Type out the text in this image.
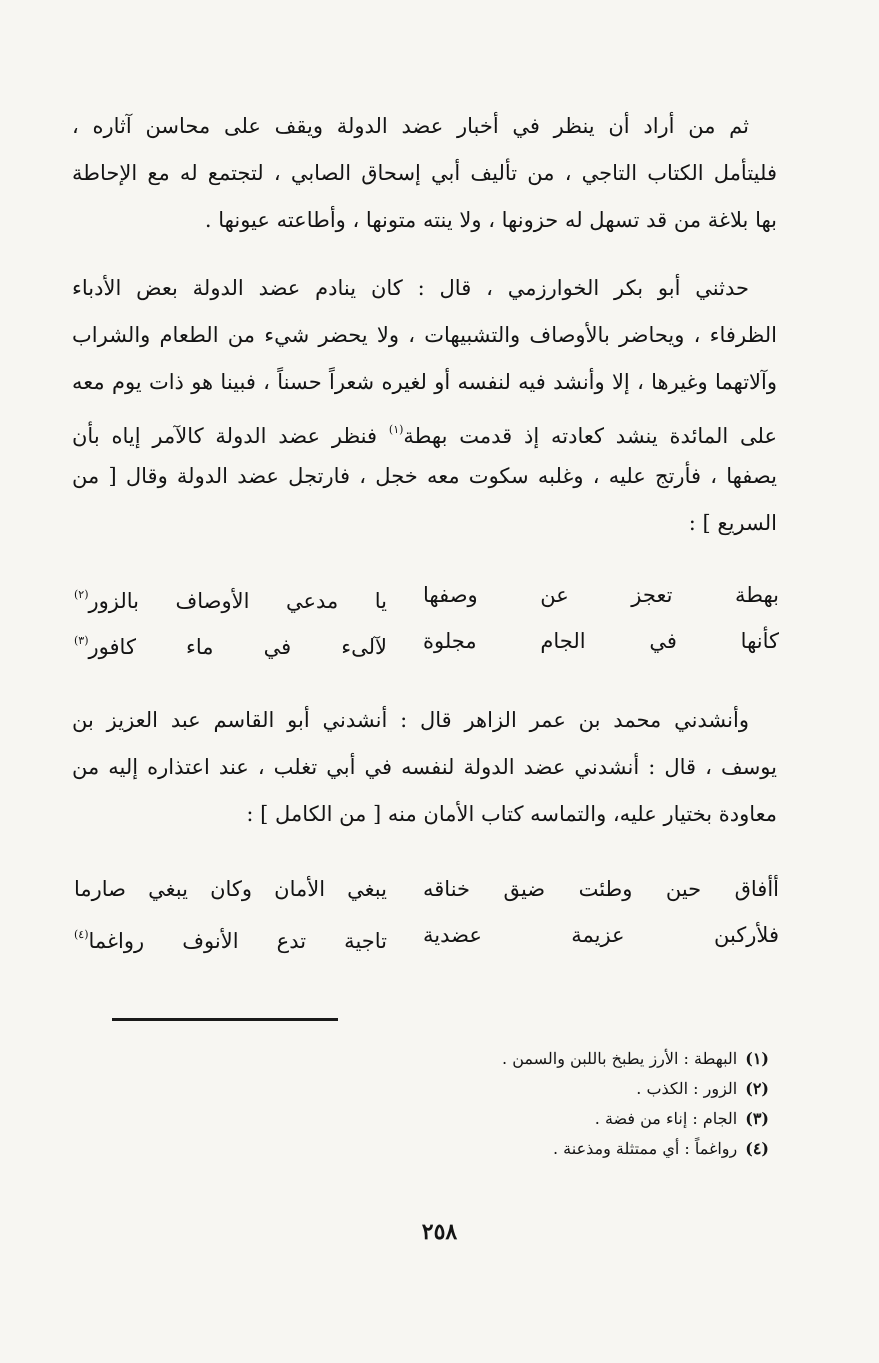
ثم من أراد أن ينظر في أخبار عضد الدولة ويقف على محاسن آثاره ،
فليتأمل الكتاب التاجي ، من تأليف أبي إسحاق الصابي ، لتجتمع له مع الإحاطة
بها بلاغة من قد تسهل له حزونها ، ولا ينته متونها ، وأطاعته عيونها .
حدثني أبو بكر الخوارزمي ، قال : كان ينادم عضد الدولة بعض الأدباء
الظرفاء ، ويحاضر بالأوصاف والتشبيهات ، ولا يحضر شيء من الطعام والشراب
وآلاتهما وغيرها ، إلا وأنشد فيه لنفسه أو لغيره شعراً حسناً ، فبينا هو ذات يوم معه
على المائدة ينشد كعادته إذ قدمت بهطة$^{(١)}$ فنظر عضد الدولة كالآمر إياه بأن
يصفها ، فأرتج عليه ، وغلبه سكوت معه خجل ، فارتجل عضد الدولة وقال [ من
السريع ] :
بهطة تعجز عن وصفها
يا مدعي الأوصاف بالزور$^{(٢)}$
كأنها في الجام مجلوة
لآلىء في ماء كافور$^{(٣)}$
وأنشدني محمد بن عمر الزاهر قال : أنشدني أبو القاسم عبد العزيز بن
يوسف ، قال : أنشدني عضد الدولة لنفسه في أبي تغلب ، عند اعتذاره إليه من
معاودة بختيار عليه، والتماسه كتاب الأمان منه [ من الكامل ] :
أأفاق حين وطئت ضيق خناقه
يبغي الأمان وكان يبغي صارما
فلأركبن عزيمة عضدية
تاجية تدع الأنوف رواغما$^{(٤)}$
(١)البهطة : الأرز يطبخ باللبن والسمن .
(٢)الزور : الكذب .
(٣)الجام : إناء من فضة .
(٤)رواغماً : أي ممتثلة ومذعنة .
٢٥٨
